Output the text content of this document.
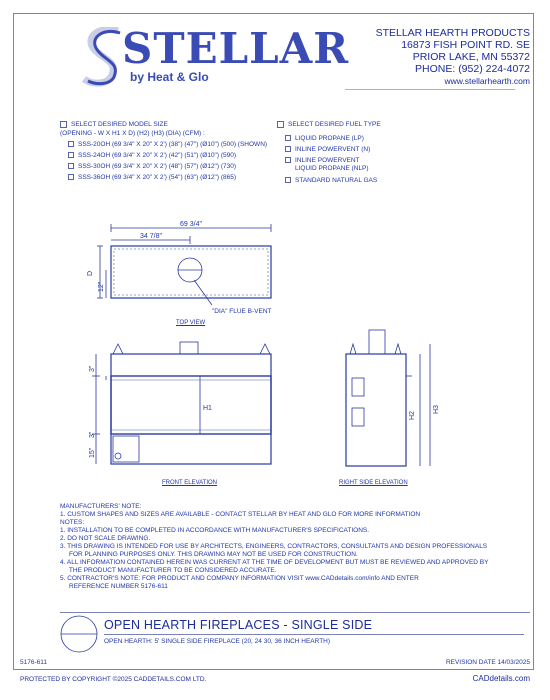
STELLAR
by Heat & Glo
STELLAR HEARTH PRODUCTS
16873 FISH POINT RD. SE
PRIOR LAKE, MN 55372
PHONE: (952) 224-4072
www.stellarhearth.com
SELECT DESIRED MODEL SIZE
(OPENING - W X H1 X D) (H2) (H3) (DIA) (CFM) :
SSS-20OH (69 3/4" X 20" X 2') (38") (47") (Ø10") (500) (SHOWN)
SSS-24OH (69 3/4" X 20" X 2') (42") (51") (Ø10") (590)
SSS-30OH (69 3/4" X 20" X 2') (48") (57") (Ø12") (730)
SSS-36OH (69 3/4" X 20" X 2') (54") (63") (Ø12") (865)
SELECT DESIRED FUEL TYPE
LIQUID PROPANE (LP)
INLINE POWERVENT (N)
INLINE POWERVENT
LIQUID PROPANE (NLP)
STANDARD NATURAL GAS
69 3/4"
34 7/8"
D
12"
"DIA" FLUE B-VENT
3"
H1
3"
15"
H2
H3
TOP VIEW
FRONT ELEVATION	RIGHT SIDE ELEVATION
MANUFACTURERS' NOTE:
1. CUSTOM SHAPES AND SIZES ARE AVAILABLE - CONTACT STELLAR BY HEAT AND GLO FOR MORE INFORMATION
NOTES:
1. INSTALLATION TO BE COMPLETED IN ACCORDANCE WITH MANUFACTURER'S SPECIFICATIONS.
2. DO NOT SCALE DRAWING.
3. THIS DRAWING IS INTENDED FOR USE BY ARCHITECTS, ENGINEERS, CONTRACTORS, CONSULTANTS AND DESIGN PROFESSIONALS
FOR PLANNING PURPOSES ONLY. THIS DRAWING MAY NOT BE USED FOR CONSTRUCTION.
4. ALL INFORMATION CONTAINED HEREIN WAS CURRENT AT THE TIME OF DEVELOPMENT BUT MUST BE REVIEWED AND APPROVED BY
THE PRODUCT MANUFACTURER TO BE CONSIDERED ACCURATE.
5. CONTRACTOR'S NOTE: FOR PRODUCT AND COMPANY INFORMATION VISIT www.CADdetails.com/info AND ENTER
REFERENCE NUMBER 5176-611
OPEN HEARTH FIREPLACES - SINGLE SIDE
OPEN HEARTH: 5' SINGLE SIDE FIREPLACE (20, 24 30, 36 INCH HEARTH)
5176-611	REVISION DATE 14/03/2025
PROTECTED BY COPYRIGHT ©2025 CADDETAILS.COM LTD.	CADdetails.com
